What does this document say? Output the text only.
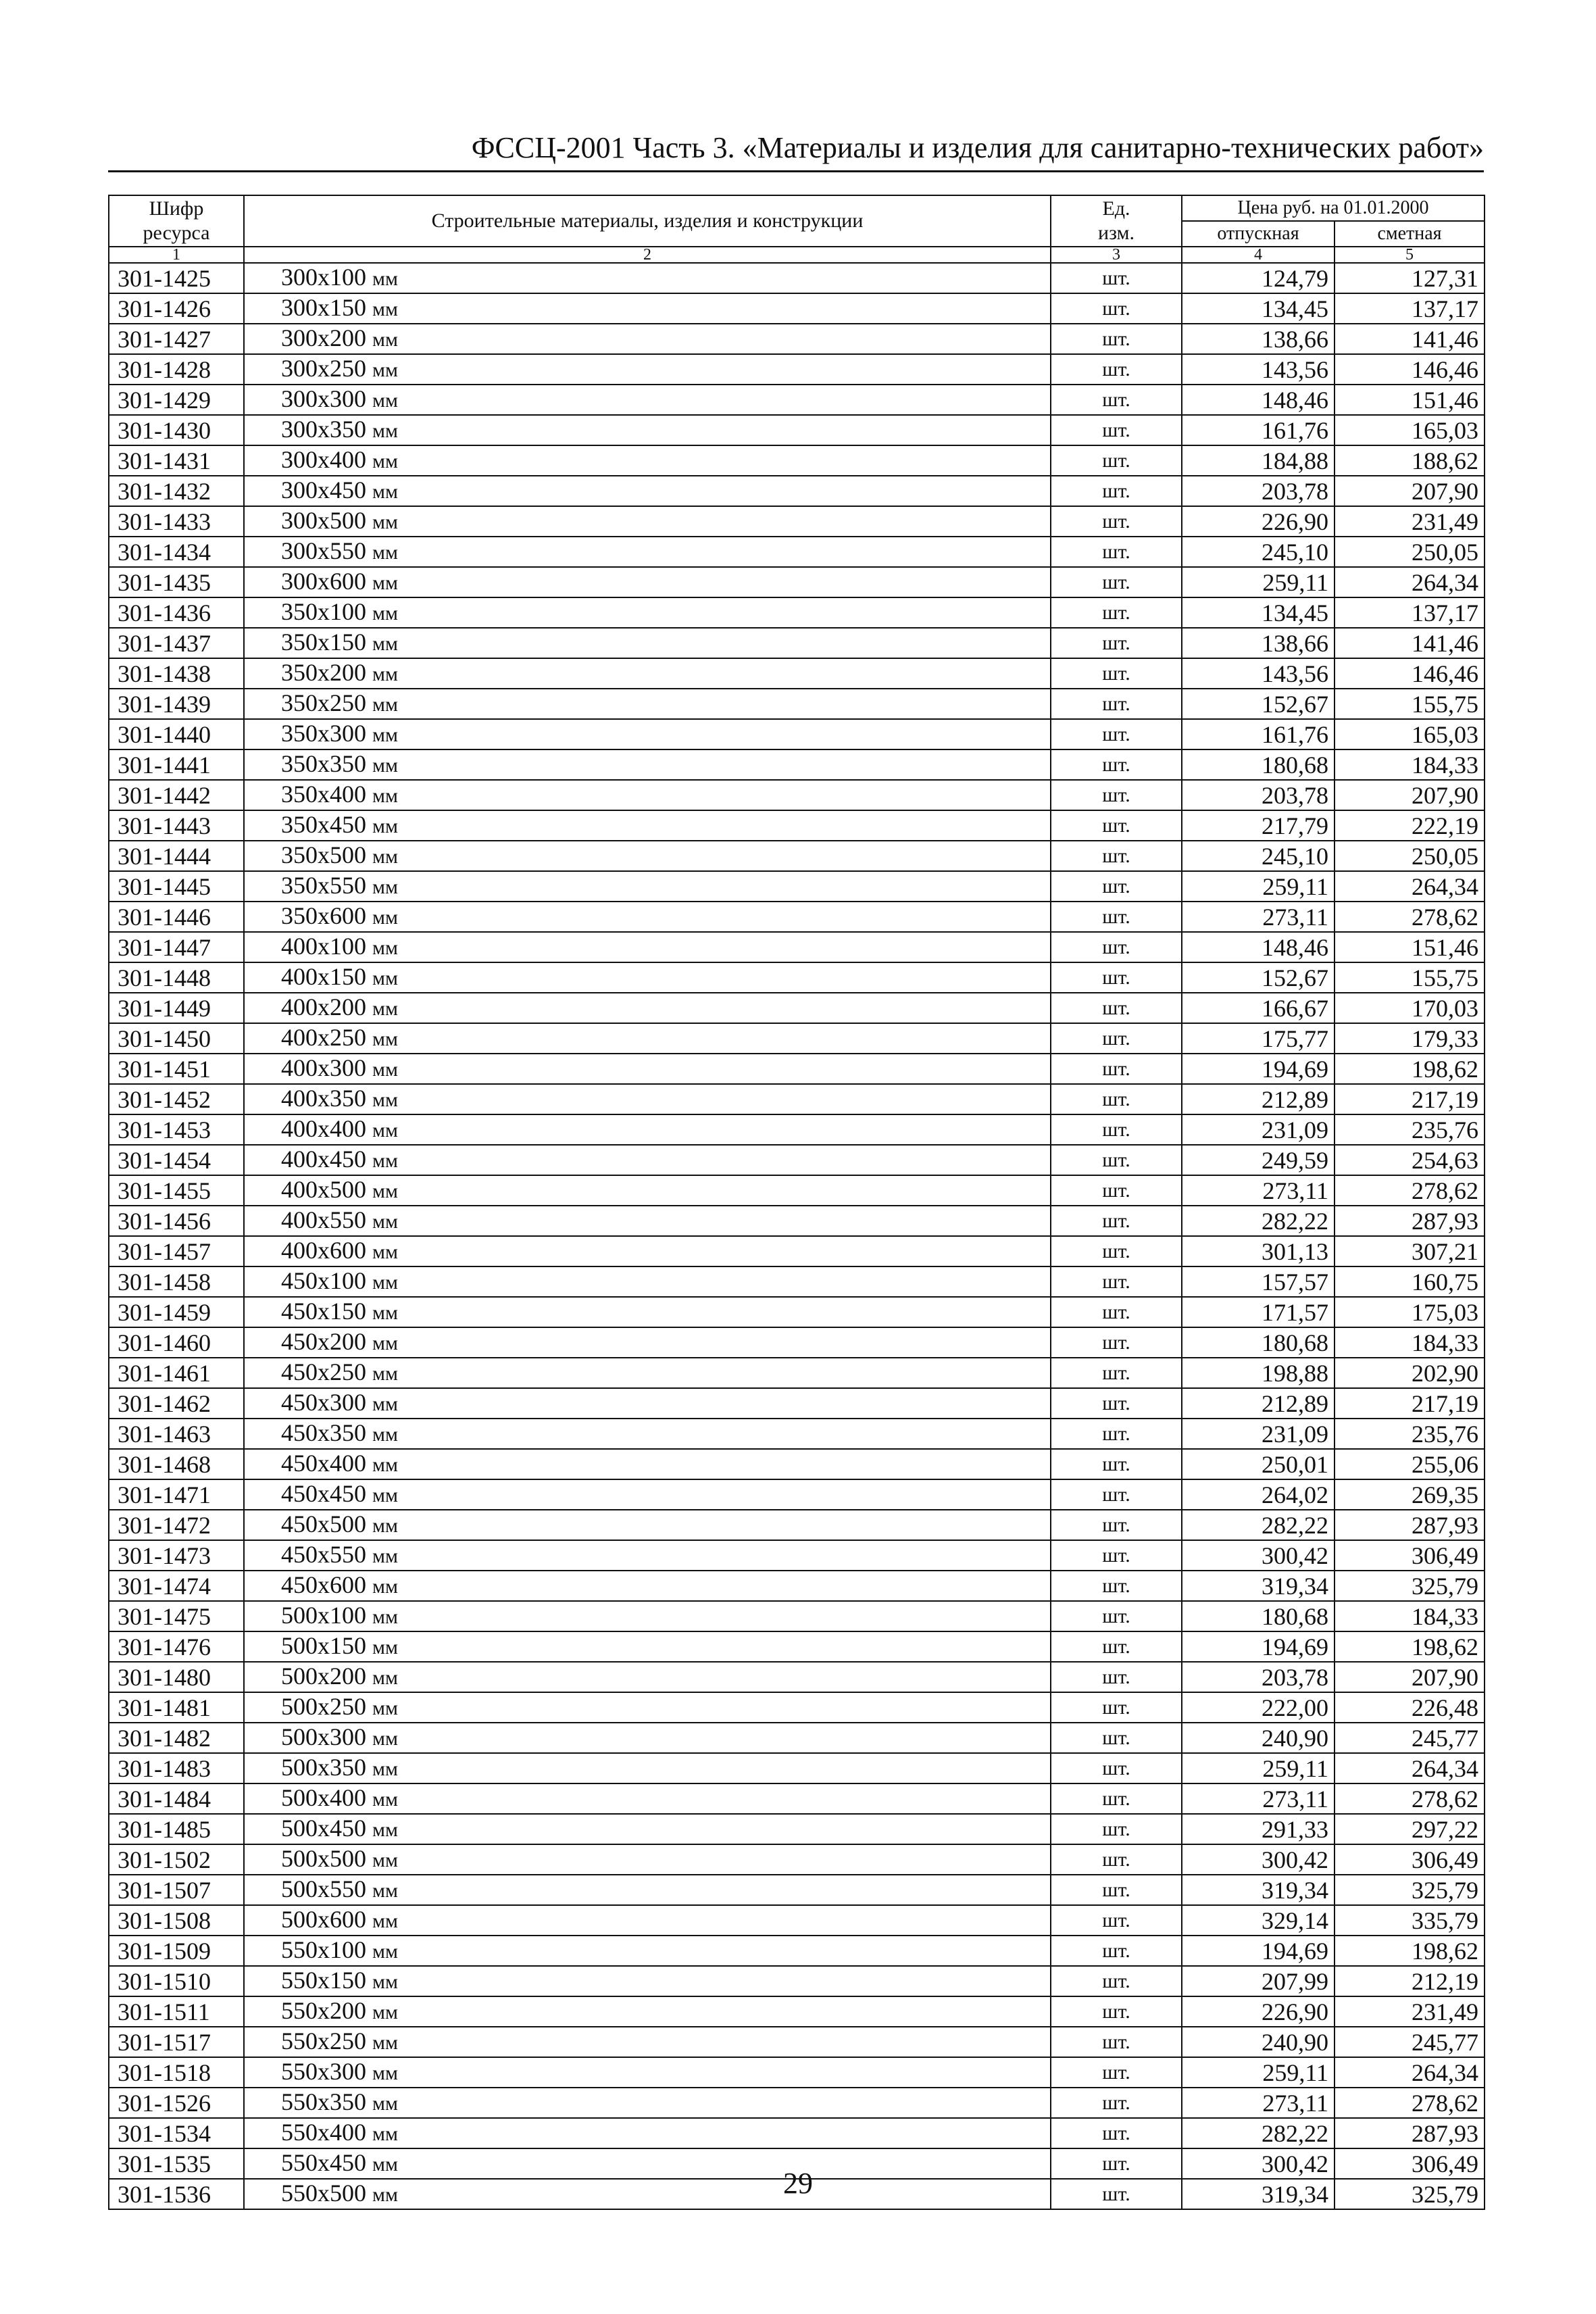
ФССЦ-2001 Часть 3. «Материалы и изделия для санитарно-технических работ»
Шифр ресурса	Строительные материалы, изделия и конструкции	Ед. изм.	Цена руб. на 01.01.2000	
			отпускная	сметная
1	2	3	4	5
301-1425	300х100 мм	шт.	124,79	127,31
301-1426	300х150 мм	шт.	134,45	137,17
301-1427	300х200 мм	шт.	138,66	141,46
301-1428	300х250 мм	шт.	143,56	146,46
301-1429	300х300 мм	шт.	148,46	151,46
301-1430	300х350 мм	шт.	161,76	165,03
301-1431	300х400 мм	шт.	184,88	188,62
301-1432	300х450 мм	шт.	203,78	207,90
301-1433	300х500 мм	шт.	226,90	231,49
301-1434	300х550 мм	шт.	245,10	250,05
301-1435	300х600 мм	шт.	259,11	264,34
301-1436	350х100 мм	шт.	134,45	137,17
301-1437	350х150 мм	шт.	138,66	141,46
301-1438	350х200 мм	шт.	143,56	146,46
301-1439	350х250 мм	шт.	152,67	155,75
301-1440	350х300 мм	шт.	161,76	165,03
301-1441	350х350 мм	шт.	180,68	184,33
301-1442	350х400 мм	шт.	203,78	207,90
301-1443	350х450 мм	шт.	217,79	222,19
301-1444	350х500 мм	шт.	245,10	250,05
301-1445	350х550 мм	шт.	259,11	264,34
301-1446	350х600 мм	шт.	273,11	278,62
301-1447	400х100 мм	шт.	148,46	151,46
301-1448	400х150 мм	шт.	152,67	155,75
301-1449	400х200 мм	шт.	166,67	170,03
301-1450	400х250 мм	шт.	175,77	179,33
301-1451	400х300 мм	шт.	194,69	198,62
301-1452	400х350 мм	шт.	212,89	217,19
301-1453	400х400 мм	шт.	231,09	235,76
301-1454	400х450 мм	шт.	249,59	254,63
301-1455	400х500 мм	шт.	273,11	278,62
301-1456	400х550 мм	шт.	282,22	287,93
301-1457	400х600 мм	шт.	301,13	307,21
301-1458	450х100 мм	шт.	157,57	160,75
301-1459	450х150 мм	шт.	171,57	175,03
301-1460	450х200 мм	шт.	180,68	184,33
301-1461	450х250 мм	шт.	198,88	202,90
301-1462	450х300 мм	шт.	212,89	217,19
301-1463	450х350 мм	шт.	231,09	235,76
301-1468	450х400 мм	шт.	250,01	255,06
301-1471	450х450 мм	шт.	264,02	269,35
301-1472	450х500 мм	шт.	282,22	287,93
301-1473	450х550 мм	шт.	300,42	306,49
301-1474	450х600 мм	шт.	319,34	325,79
301-1475	500х100 мм	шт.	180,68	184,33
301-1476	500х150 мм	шт.	194,69	198,62
301-1480	500х200 мм	шт.	203,78	207,90
301-1481	500х250 мм	шт.	222,00	226,48
301-1482	500х300 мм	шт.	240,90	245,77
301-1483	500х350 мм	шт.	259,11	264,34
301-1484	500х400 мм	шт.	273,11	278,62
301-1485	500х450 мм	шт.	291,33	297,22
301-1502	500х500 мм	шт.	300,42	306,49
301-1507	500х550 мм	шт.	319,34	325,79
301-1508	500х600 мм	шт.	329,14	335,79
301-1509	550х100 мм	шт.	194,69	198,62
301-1510	550х150 мм	шт.	207,99	212,19
301-1511	550х200 мм	шт.	226,90	231,49
301-1517	550х250 мм	шт.	240,90	245,77
301-1518	550х300 мм	шт.	259,11	264,34
301-1526	550х350 мм	шт.	273,11	278,62
301-1534	550х400 мм	шт.	282,22	287,93
301-1535	550х450 мм	шт.	300,42	306,49
301-1536	550х500 мм	шт.	319,34	325,79
29
